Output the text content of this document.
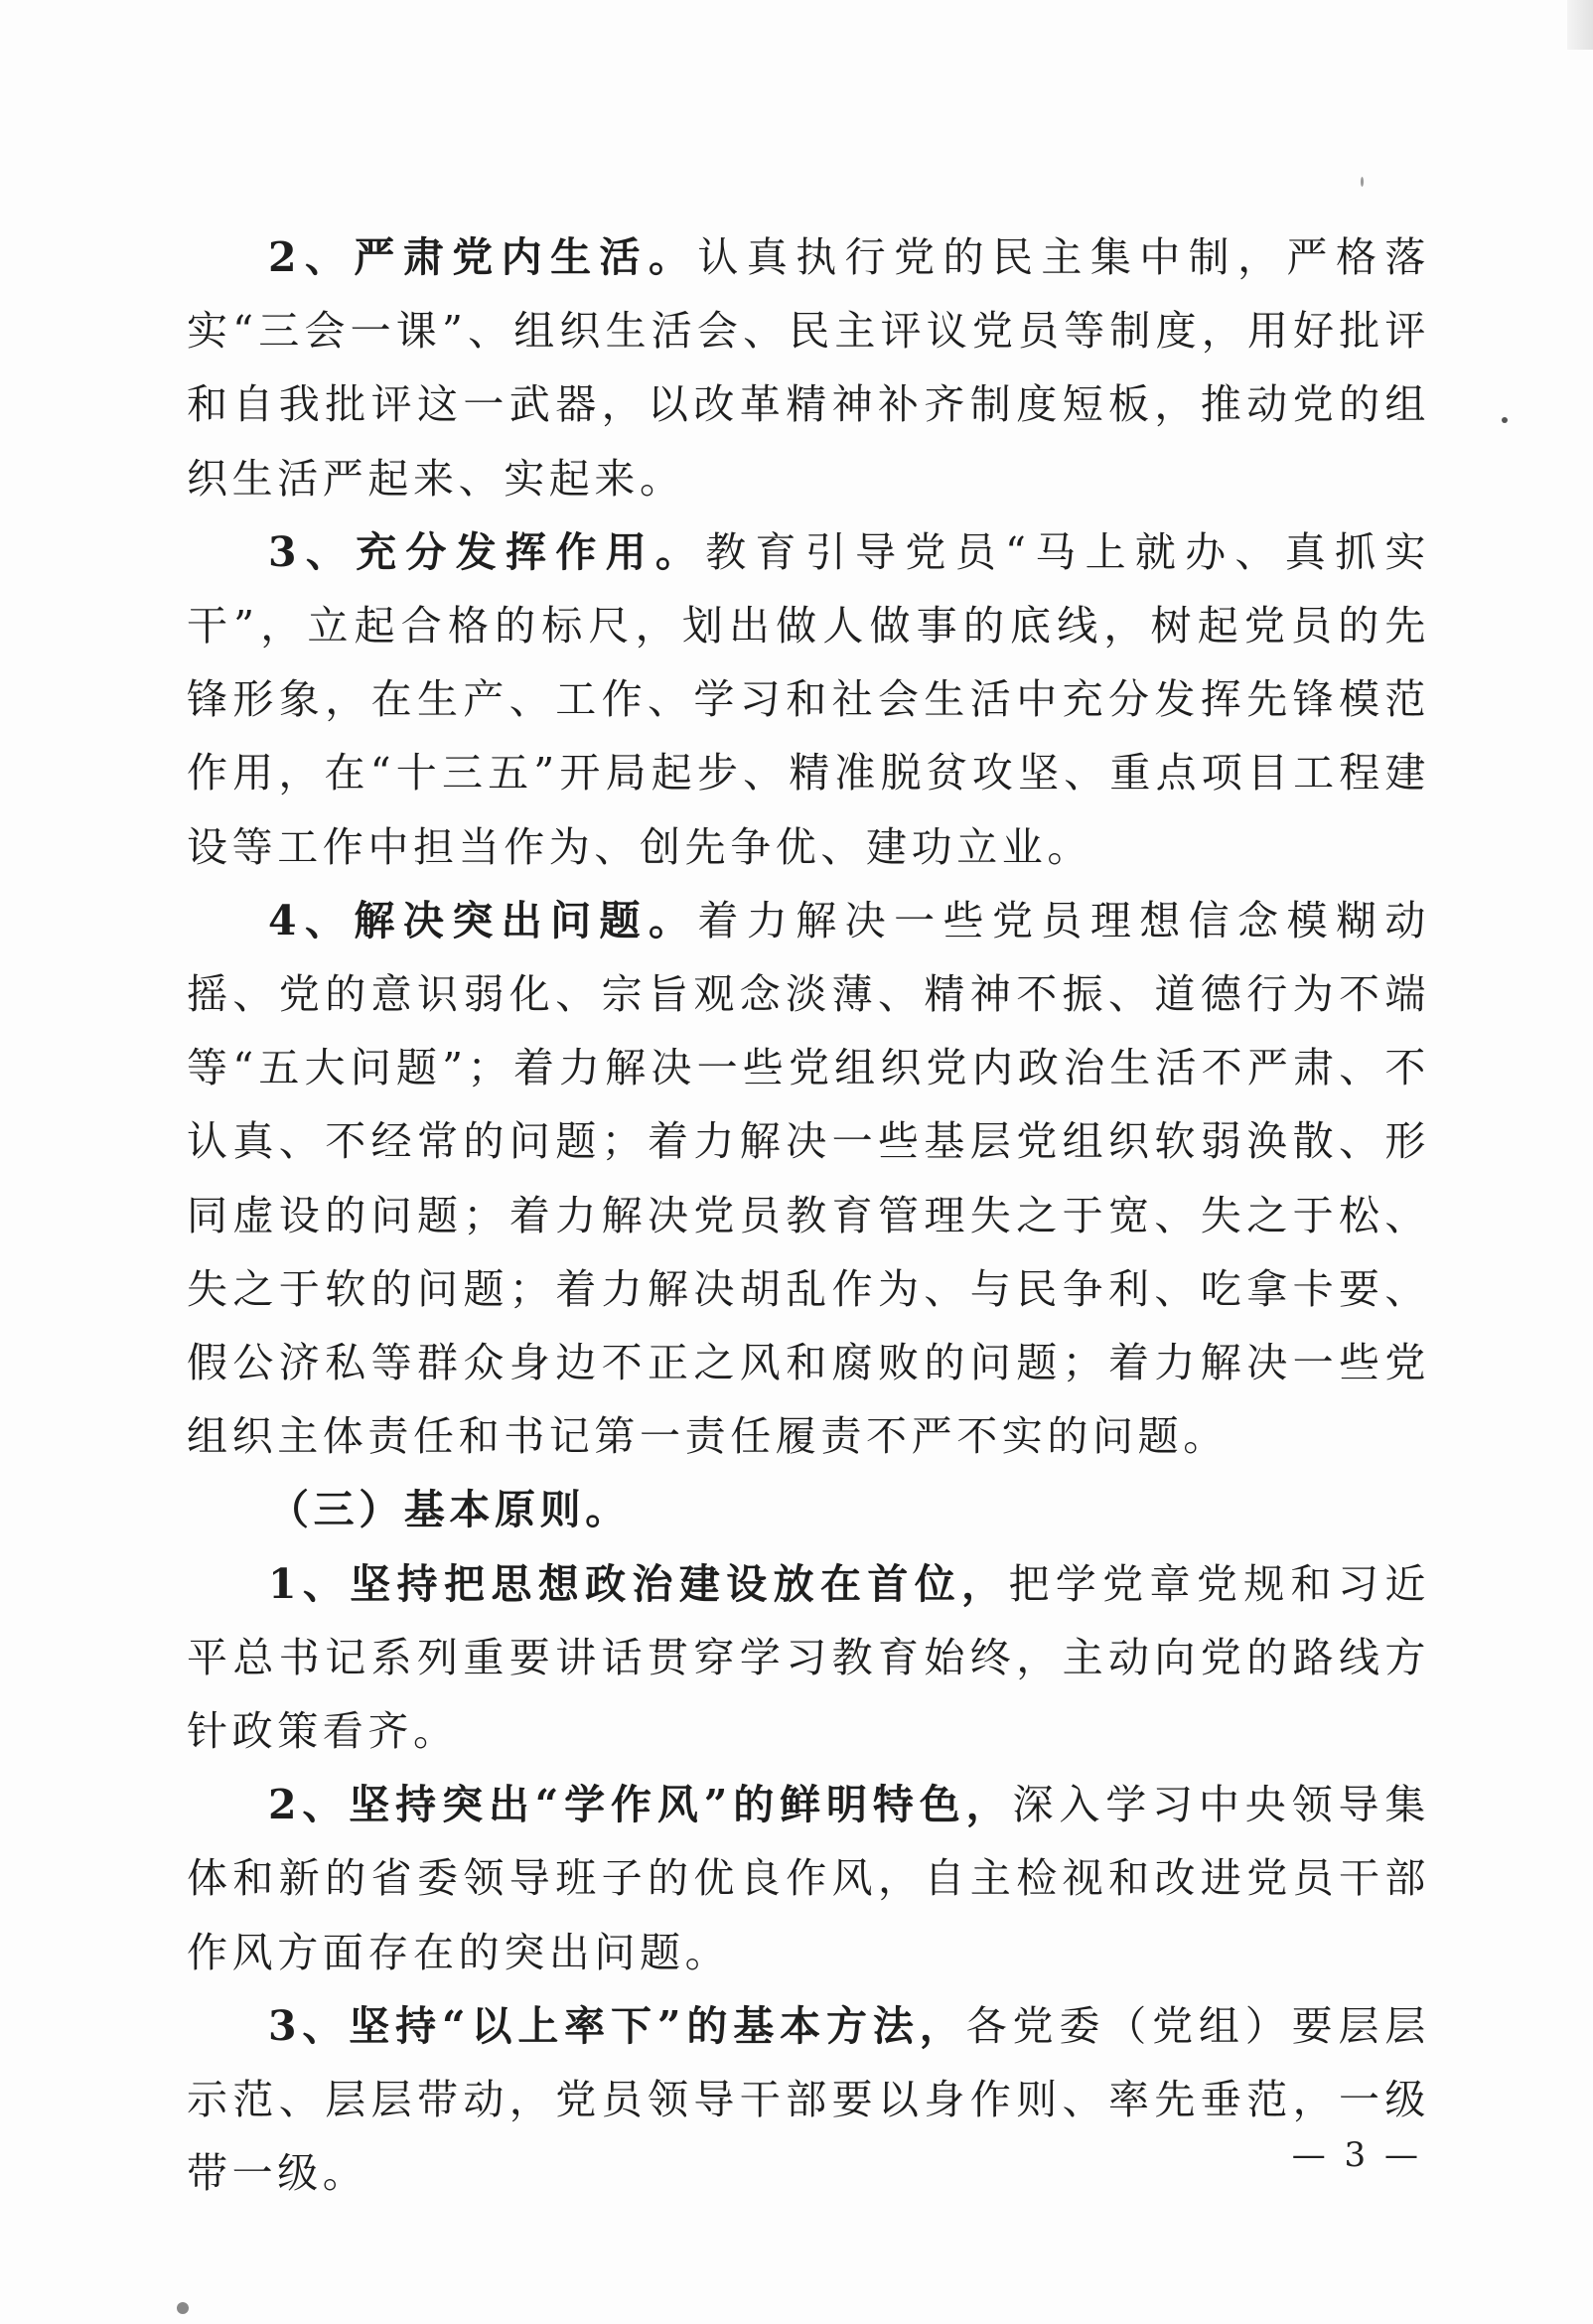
2、严肃党内生活。认真执行党的民主集中制，严格落实“三会一课”、组织生活会、民主评议党员等制度，用好批评和自我批评这一武器，以改革精神补齐制度短板，推动党的组织生活严起来、实起来。

3、充分发挥作用。教育引导党员“马上就办、真抓实干”，立起合格的标尺，划出做人做事的底线，树起党员的先锋形象，在生产、工作、学习和社会生活中充分发挥先锋模范作用，在“十三五”开局起步、精准脱贫攻坚、重点项目工程建设等工作中担当作为、创先争优、建功立业。

4、解决突出问题。着力解决一些党员理想信念模糊动摇、党的意识弱化、宗旨观念淡薄、精神不振、道德行为不端等“五大问题”；着力解决一些党组织党内政治生活不严肃、不认真、不经常的问题；着力解决一些基层党组织软弱涣散、形同虚设的问题；着力解决党员教育管理失之于宽、失之于松、失之于软的问题；着力解决胡乱作为、与民争利、吃拿卡要、假公济私等群众身边不正之风和腐败的问题；着力解决一些党组织主体责任和书记第一责任履责不严不实的问题。

（三）基本原则。

1、坚持把思想政治建设放在首位，把学党章党规和习近平总书记系列重要讲话贯穿学习教育始终，主动向党的路线方针政策看齐。

2、坚持突出“学作风”的鲜明特色，深入学习中央领导集体和新的省委领导班子的优良作风，自主检视和改进党员干部作风方面存在的突出问题。

3、坚持“以上率下”的基本方法，各党委（党组）要层层示范、层层带动，党员领导干部要以身作则、率先垂范，一级带一级。	— 3 —
